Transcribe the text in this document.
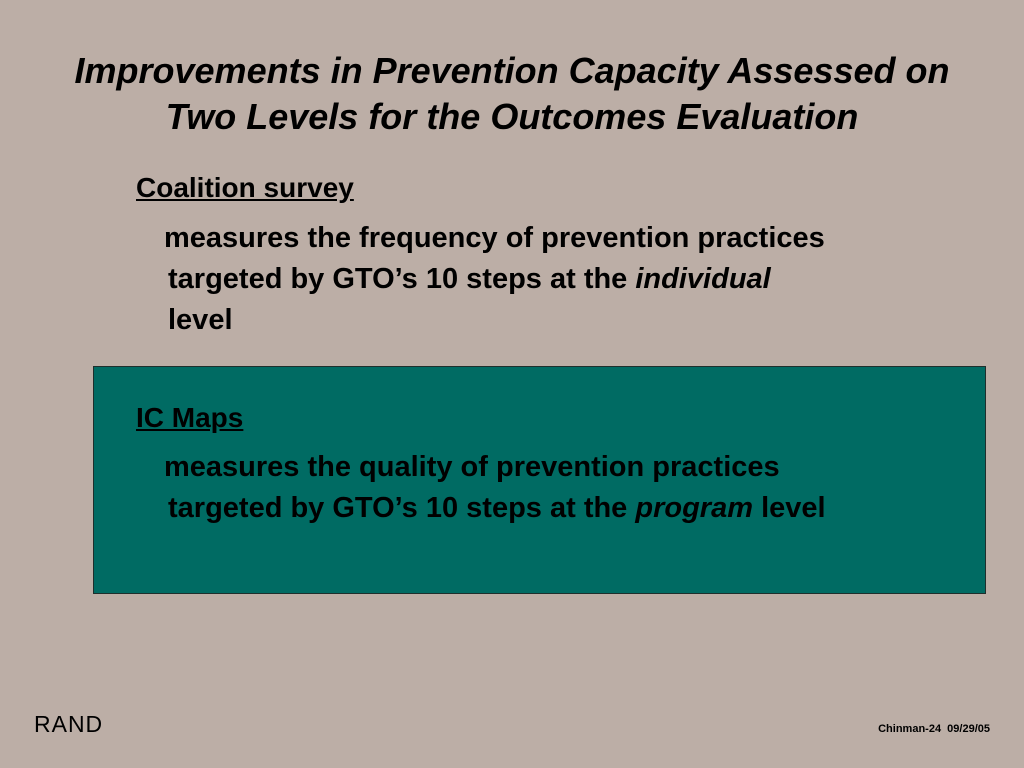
Improvements in Prevention Capacity Assessed on
Two Levels for the Outcomes Evaluation
Coalition survey
measures the frequency of prevention practices
targeted by GTO’s 10 steps at the individual
level
IC Maps
measures the quality of prevention practices
targeted by GTO’s 10 steps at the program level
RAND	Chinman-24  09/29/05
